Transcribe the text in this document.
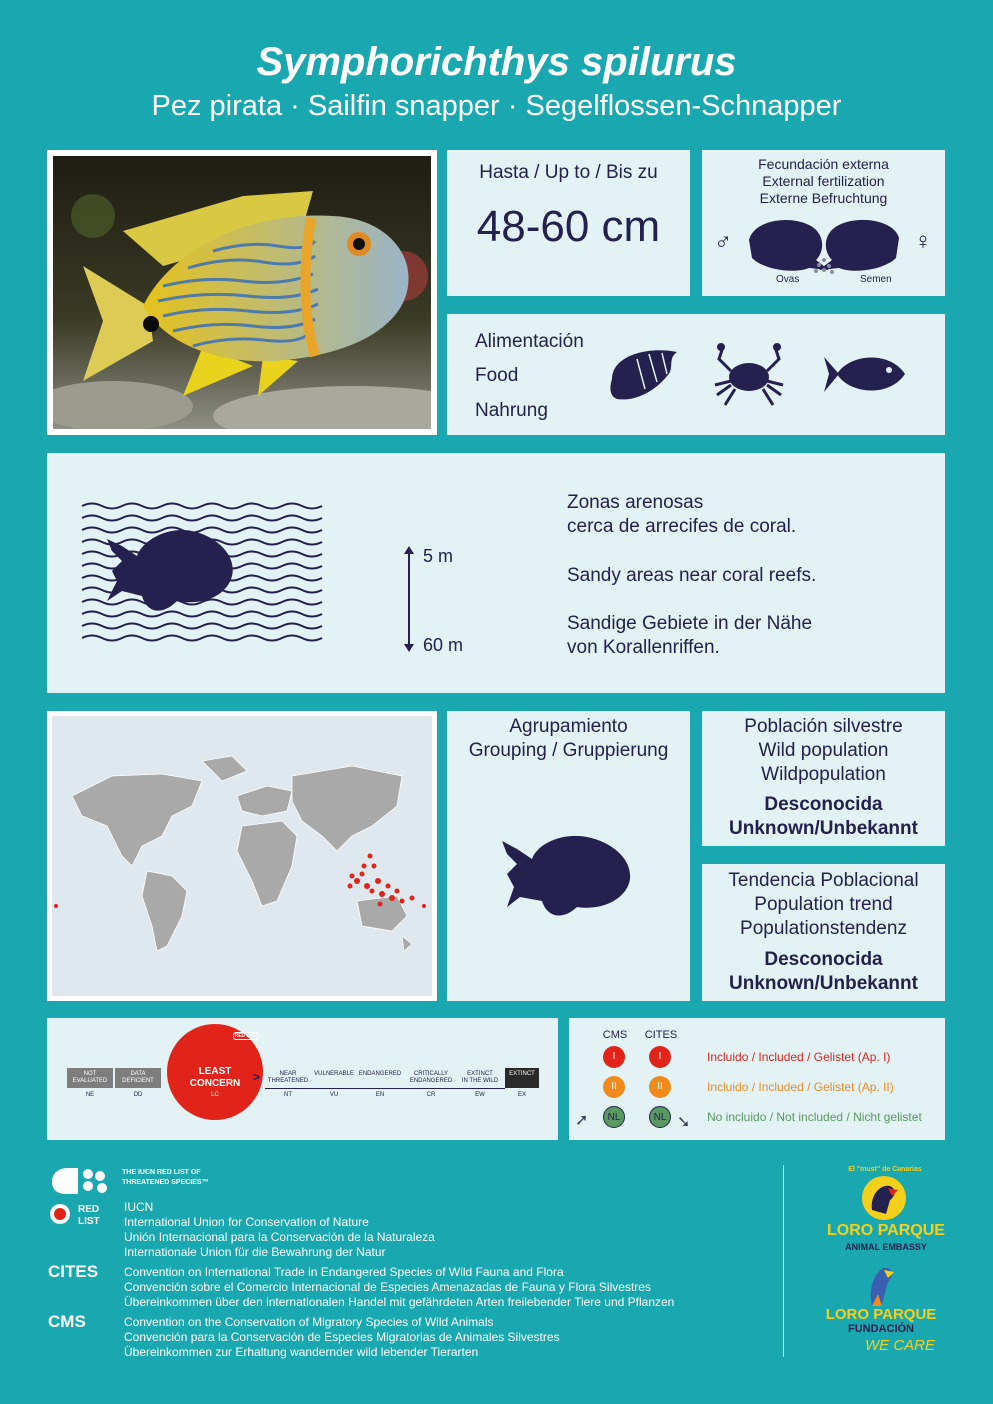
Symphorichthys spilurus
Pez pirata · Sailfin snapper · Segelflossen-Schnapper
Hasta / Up to / Bis zu
48-60 cm
Fecundación externa
External fertilization
Externe Befruchtung
♂	♀
Ovas	Semen
Alimentación
Food
Nahrung
5 m
60 m
Zonas arenosas
cerca de arrecifes de coral.
Sandy areas near coral reefs.
Sandige Gebiete in der Nähe
von Korallenriffen.
Agrupamiento
Grouping / Gruppierung
Población silvestre
Wild population
Wildpopulation
Desconocida
Unknown/Unbekannt
Tendencia Poblacional
Population trend
Populationstendenz
Desconocida
Unknown/Unbekannt
NOT
EVALUATED
NE
DATA
DEFICIENT
DD
LEAST
CONCERN
LC
RED LIST
>	NEAR
THREATENED
NT
VULNERABLE
VU
ENDANGERED
EN
CRITICALLY
ENDANGERED
CR
EXTINCT
IN THE WILD
EW
EXTINCT
EX
CMS	CITES
I	I	Incluido / Included / Gelistet (Ap. I)
II	II	Incluido / Included / Gelistet (Ap. II)
➚	NL	NL ➘ No incluido / Not included / Nicht gelistet
RED LIST
THE IUCN RED LIST OF THREATENED SPECIES™
IUCN
International Union for Conservation of Nature
Unión Internacional para la Conservación de la Naturaleza
Internationale Union für die Bewahrung der Natur
CITES Convention on International Trade in Endangered Species of Wild Fauna and Flora
Convención sobre el Comercio Internacional de Especies Amenazadas de Fauna y Flora Silvestres
Übereinkommen über den internationalen Handel mit gefährdeten Arten freilebender Tiere und Pflanzen
CMS	Convention on the Conservation of Migratory Species of Wild Animals
Convención para la Conservación de Especies Migratorias de Animales Silvestres
Übereinkommen zur Erhaltung wandernder wild lebender Tierarten
El "must" de Canarias
LORO PARQUE
ANIMAL EMBASSY
LORO PARQUE
FUNDACIÓN
WE CARE
